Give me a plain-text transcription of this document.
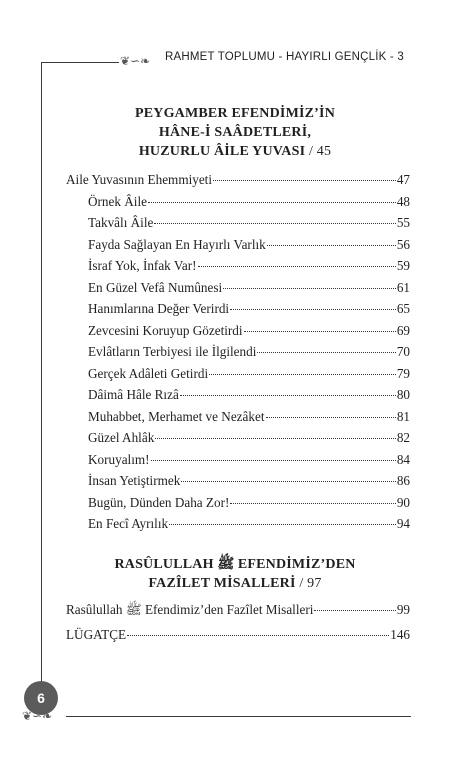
❦∽❧ RAHMET TOPLUMU - HAYIRLI GENÇLİK - 3
PEYGAMBER EFENDİMİZ’İN
HÂNE-İ SAÂDETLERİ,
HUZURLU ÂİLE YUVASI / 45
Aile Yuvasının Ehemmiyeti	47
Örnek Âile	48
Takvâlı Âile	55
Fayda Sağlayan En Hayırlı Varlık	56
İsraf Yok, İnfak Var!	59
En Güzel Vefâ Numûnesi	61
Hanımlarına Değer Verirdi	65
Zevcesini Koruyup Gözetirdi	69
Evlâtların Terbiyesi ile İlgilendi	70
Gerçek Adâleti Getirdi	79
Dâimâ Hâle Rızâ	80
Muhabbet, Merhamet ve Nezâket	81
Güzel Ahlâk	82
Koruyalım!	84
İnsan Yetiştirmek	86
Bugün, Dünden Daha Zor!	90
En Fecî Ayrılık	94
RASÛLULLAH ﷺ EFENDİMİZ’DEN
FAZÎLET MİSALLERİ / 97
Rasûlullah ﷺ Efendimiz’den Fazîlet Misalleri	99
LÜGATÇE	146
6
❦∽❧
